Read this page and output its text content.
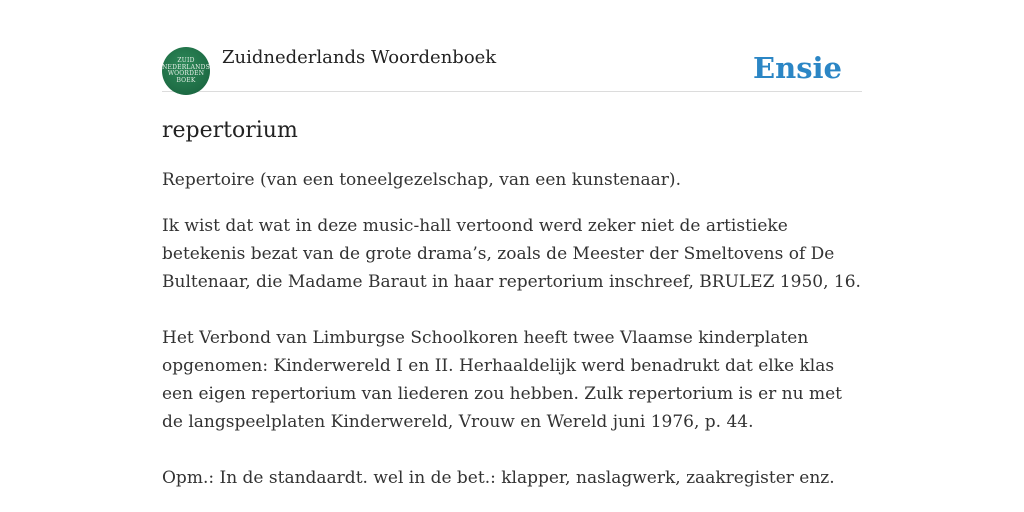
ZUID
NEDERLANDS
WOORDEN
BOEK
Zuidnederlands Woordenboek	Ensie
repertorium

Repertoire (van een toneelgezelschap, van een kunstenaar).

Ik wist dat wat in deze music-hall vertoond werd zeker niet de artistieke betekenis bezat van de grote drama’s, zoals de Meester der Smeltovens of De Bultenaar, die Madame Baraut in haar repertorium inschreef, BRULEZ 1950, 16.

Het Verbond van Limburgse Schoolkoren heeft twee Vlaamse kinderplaten opgenomen: Kinderwereld I en II. Herhaaldelijk werd benadrukt dat elke klas een eigen repertorium van liederen zou hebben. Zulk repertorium is er nu met de langspeelplaten Kinderwereld, Vrouw en Wereld juni 1976, p. 44.

Opm.: In de standaardt. wel in de bet.: klapper, naslagwerk, zaakregister enz.
